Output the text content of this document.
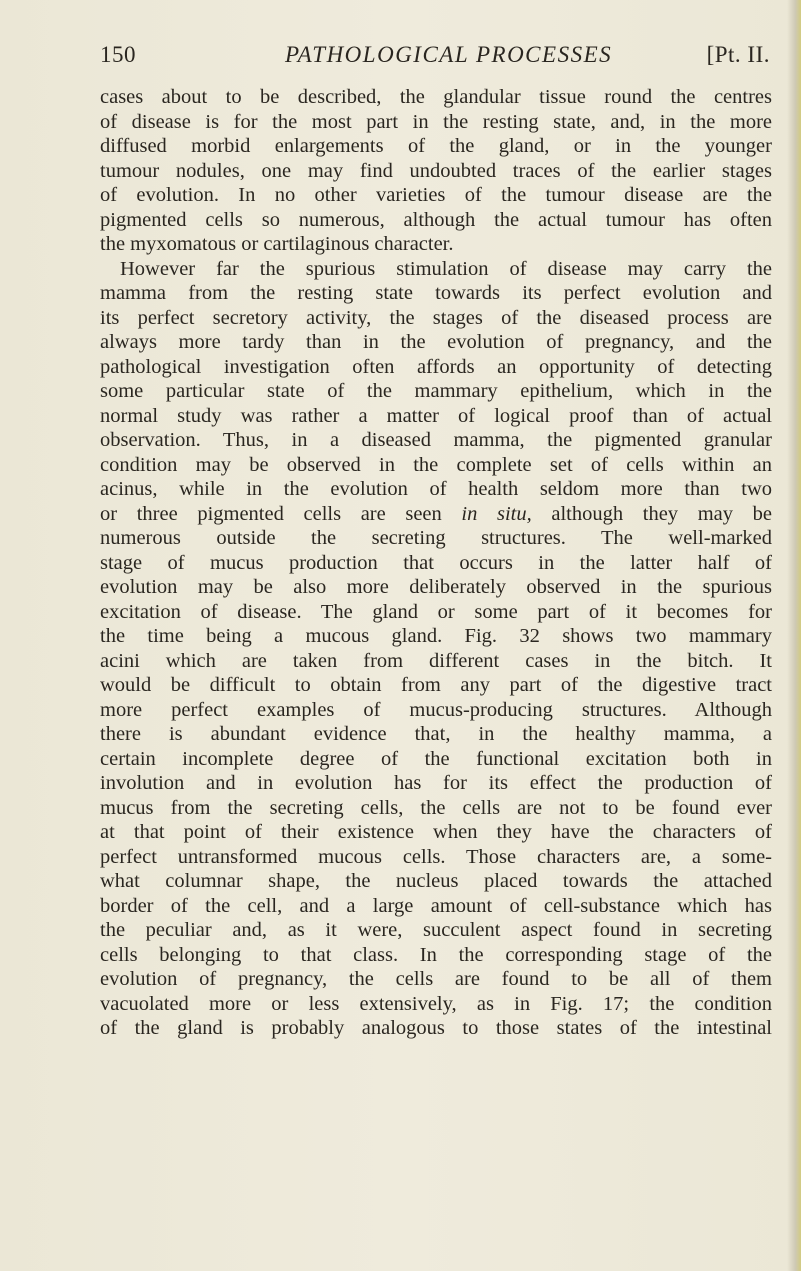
150	PATHOLOGICAL PROCESSES	[Pt. II.
cases about to be described, the glandular tissue round the centres
of disease is for the most part in the resting state, and, in the more
diffused morbid enlargements of the gland, or in the younger
tumour nodules, one may find undoubted traces of the earlier stages
of evolution. In no other varieties of the tumour disease are the
pigmented cells so numerous, although the actual tumour has often
the myxomatous or cartilaginous character.
However far the spurious stimulation of disease may carry the
mamma from the resting state towards its perfect evolution and
its perfect secretory activity, the stages of the diseased process are
always more tardy than in the evolution of pregnancy, and the
pathological investigation often affords an opportunity of detecting
some particular state of the mammary epithelium, which in the
normal study was rather a matter of logical proof than of actual
observation. Thus, in a diseased mamma, the pigmented granular
condition may be observed in the complete set of cells within an
acinus, while in the evolution of health seldom more than two
or three pigmented cells are seen in situ, although they may be
numerous outside the secreting structures. The well-marked
stage of mucus production that occurs in the latter half of
evolution may be also more deliberately observed in the spurious
excitation of disease. The gland or some part of it becomes for
the time being a mucous gland. Fig. 32 shows two mammary
acini which are taken from different cases in the bitch. It
would be difficult to obtain from any part of the digestive tract
more perfect examples of mucus-producing structures. Although
there is abundant evidence that, in the healthy mamma, a
certain incomplete degree of the functional excitation both in
involution and in evolution has for its effect the production of
mucus from the secreting cells, the cells are not to be found ever
at that point of their existence when they have the characters of
perfect untransformed mucous cells. Those characters are, a some-
what columnar shape, the nucleus placed towards the attached
border of the cell, and a large amount of cell-substance which has
the peculiar and, as it were, succulent aspect found in secreting
cells belonging to that class. In the corresponding stage of the
evolution of pregnancy, the cells are found to be all of them
vacuolated more or less extensively, as in Fig. 17; the condition
of the gland is probably analogous to those states of the intestinal
